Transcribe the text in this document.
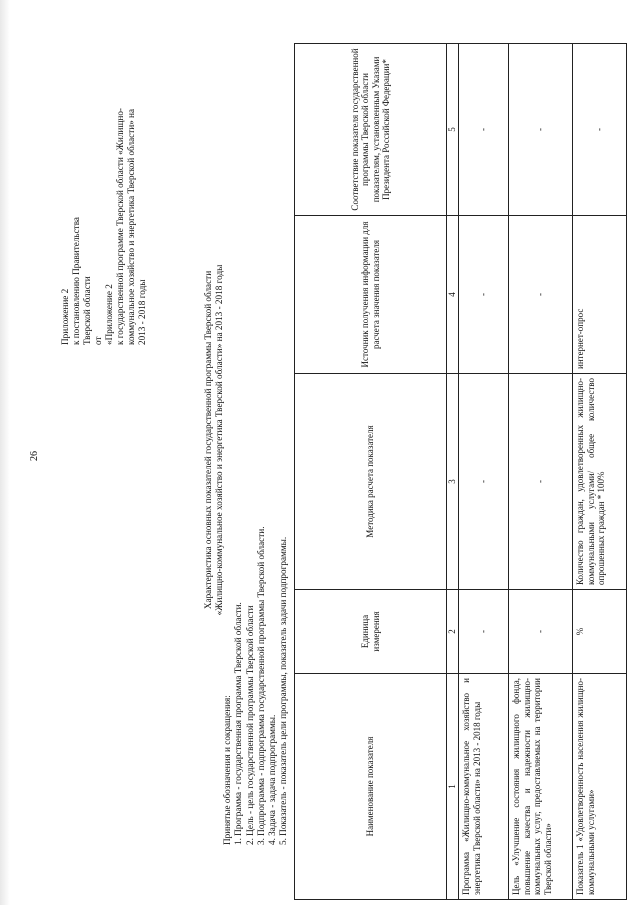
26
Приложение 2 к постановлению Правительства Тверской области от «Приложение 2 к государственной программе Тверской области «Жилищно- коммунальное хозяйство и энергетика Тверской области» на 2013 - 2018 годы	Характеристика основных показателей государственной программы Тверской области «Жилищно-коммунальное хозяйство и энергетика Тверской области» на 2013 - 2018 годы
Принятые обозначения и сокращения: 1. Программа - государственная программа Тверской области. 2. Цель - цель государственной программы Тверской области 3. Подпрограмма - подпрограмма государственной программы Тверской области. 4. Задача - задача подпрограммы. 5. Показатель - показатель цели программы, показатель задачи подпрограммы.	Наименование показателя	Единица измерения	Методика расчета показателя	Источник получения информации для расчета значения показателя	Соответствие показателя государственной программы Тверской области показателям, установленным Указами Президента Российской Федерации*
1	2	3	4	5
Программа «Жилищно-коммунальное хозяйство и энергетика Тверской области» на 2013 - 2018 годы	-	-	-	-
Цель «Улучшение состояния жилищного фонда, повышение качества и надежности жилищно-коммунальных услуг, предоставляемых на территории Тверской области»	-	-	-	-
Показатель 1 «Удовлетворенность населения жилищно-коммунальными услугами»	%	Количество граждан, удовлетворенных жилищно-коммунальными услугами/ общее количество опрошенных граждан * 100%	интернет-опрос	-
